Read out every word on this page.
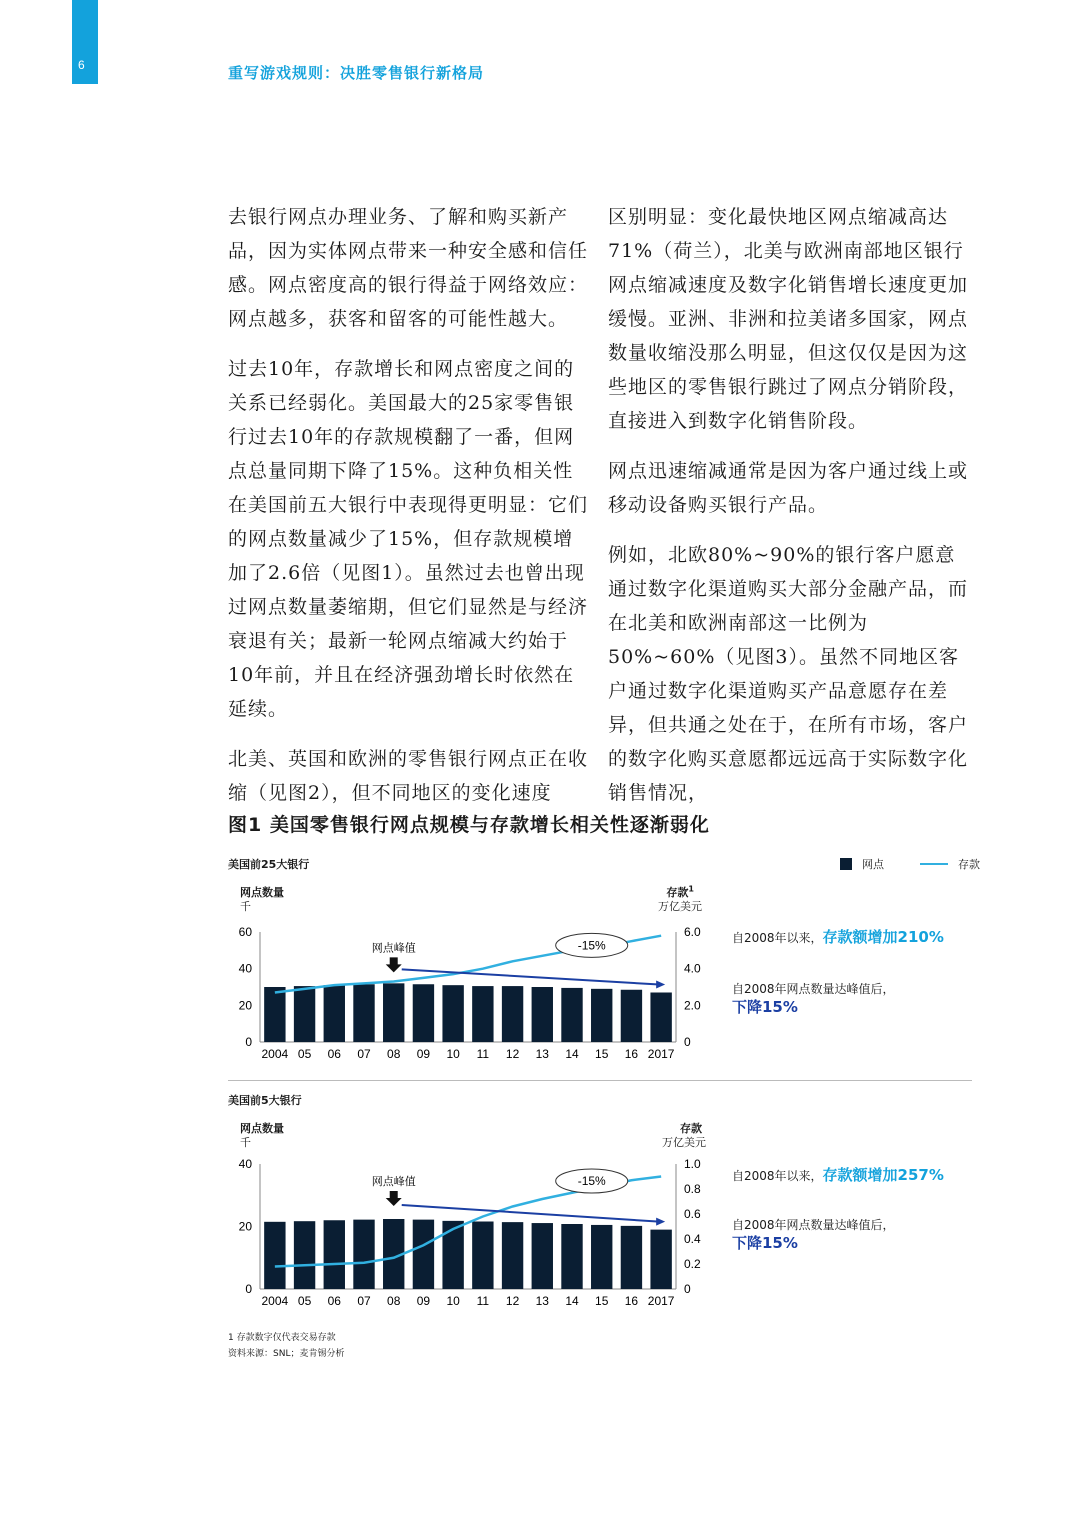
6	重写游戏规则：决胜零售银行新格局

去银行网点办理业务、了解和购买新产品，因为实体网点带来一种安全感和信任感。网点密度高的银行得益于网络效应：网点越多，获客和留客的可能性越大。

过去10年，存款增长和网点密度之间的关系已经弱化。美国最大的25家零售银行过去10年的存款规模翻了一番，但网点总量同期下降了15%。这种负相关性在美国前五大银行中表现得更明显：它们的网点数量减少了15%，但存款规模增加了2.6倍（见图1）。虽然过去也曾出现过网点数量萎缩期，但它们显然是与经济衰退有关；最新一轮网点缩减大约始于10年前，并且在经济强劲增长时依然在延续。

北美、英国和欧洲的零售银行网点正在收缩（见图2），但不同地区的变化速度

区别明显：变化最快地区网点缩减高达71%（荷兰），北美与欧洲南部地区银行网点缩减速度及数字化销售增长速度更加缓慢。亚洲、非洲和拉美诸多国家，网点数量收缩没那么明显，但这仅仅是因为这些地区的零售银行跳过了网点分销阶段，直接进入到数字化销售阶段。

网点迅速缩减通常是因为客户通过线上或移动设备购买银行产品。

例如，北欧80%~90%的银行客户愿意通过数字化渠道购买大部分金融产品，而在北美和欧洲南部这一比例为50%~60%（见图3）。虽然不同地区客户通过数字化渠道购买产品意愿存在差异，但共通之处在于，在所有市场，客户的数字化购买意愿都远远高于实际数字化销售情况，

图1 美国零售银行网点规模与存款增长相关性逐渐弱化
网点	存款
美国前25大银行
网点数量
千
存款$^1$
万亿美元
0
20
40
60
0
2.0
4.0
6.0
2004 05 06 07 08 09 10 11 12 13 14 15 16 2017
网点峰值	-15%
自2008年以来，存款额增加210%
自2008年网点数量达峰值后，
下降15%
美国前5大银行
网点数量
千
存款
万亿美元
0
20
40
0
0.2
0.4
0.6
0.8
1.0
2004 05 06 07 08 09 10 11 12 13 14 15 16 2017
网点峰值	-15%	自2008年以来，存款额增加257%
自2008年网点数量达峰值后，
下降15%
1 存款数字仅代表交易存款
资料来源：SNL；麦肯锡分析
